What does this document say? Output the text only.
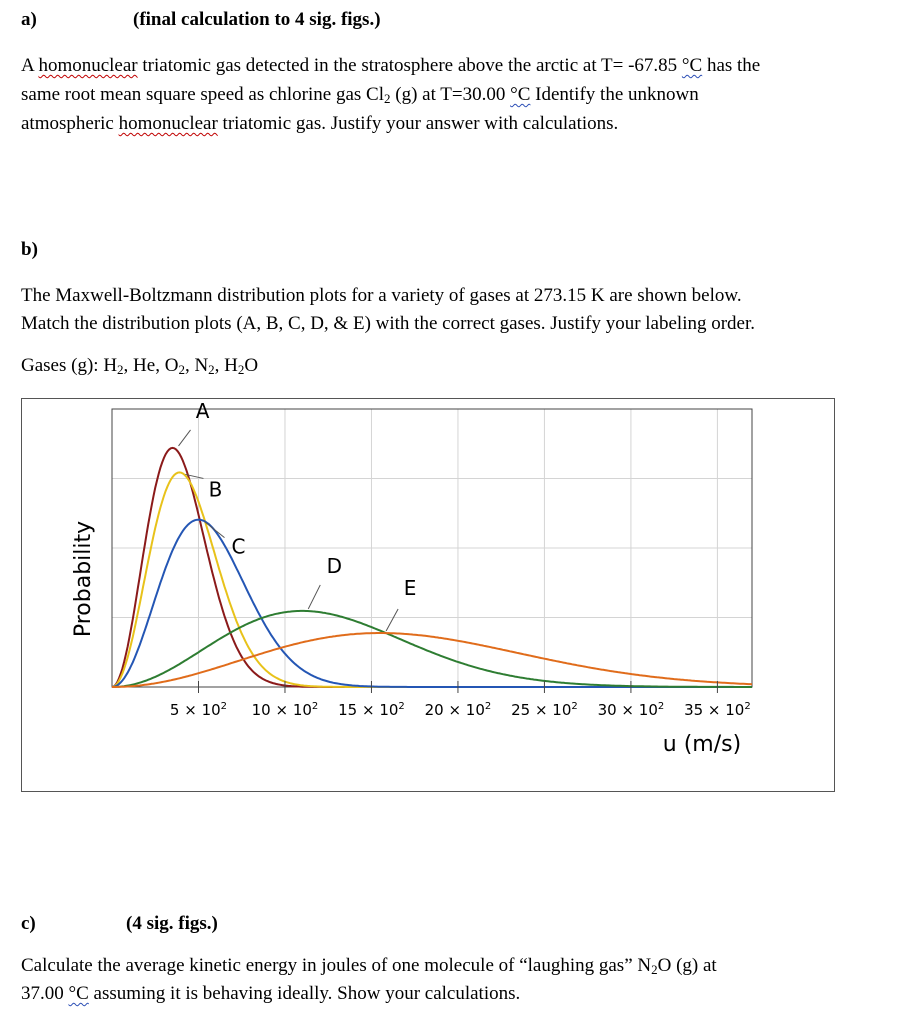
a)	(final calculation to 4 sig. figs.)
A homonuclear triatomic gas detected in the stratosphere above the arctic at T= -67.85 °C has the
same root mean square speed as chlorine gas $Cl_2$ (g) at T=30.00 °C Identify the unknown
atmospheric homonuclear triatomic gas. Justify your answer with calculations.
b)
The Maxwell-Boltzmann distribution plots for a variety of gases at 273.15 K are shown below.
Match the distribution plots (A, B, C, D, & E) with the correct gases. Justify your labeling order.
Gases (g): $H_2$, He, $O_2$, $N_2$, $H_2O$
A
B
C
D
E
$5 \times 10^2$ $10 \times 10^2$ $15 \times 10^2$ $20 \times 10^2$ $25 \times 10^2$ $30 \times 10^2$ $35 \times 10^2$
Probability
u (m/s)
c)	(4 sig. figs.)
Calculate the average kinetic energy in joules of one molecule of “laughing gas” $N_2O$ (g) at
37.00 °C assuming it is behaving ideally. Show your calculations.
